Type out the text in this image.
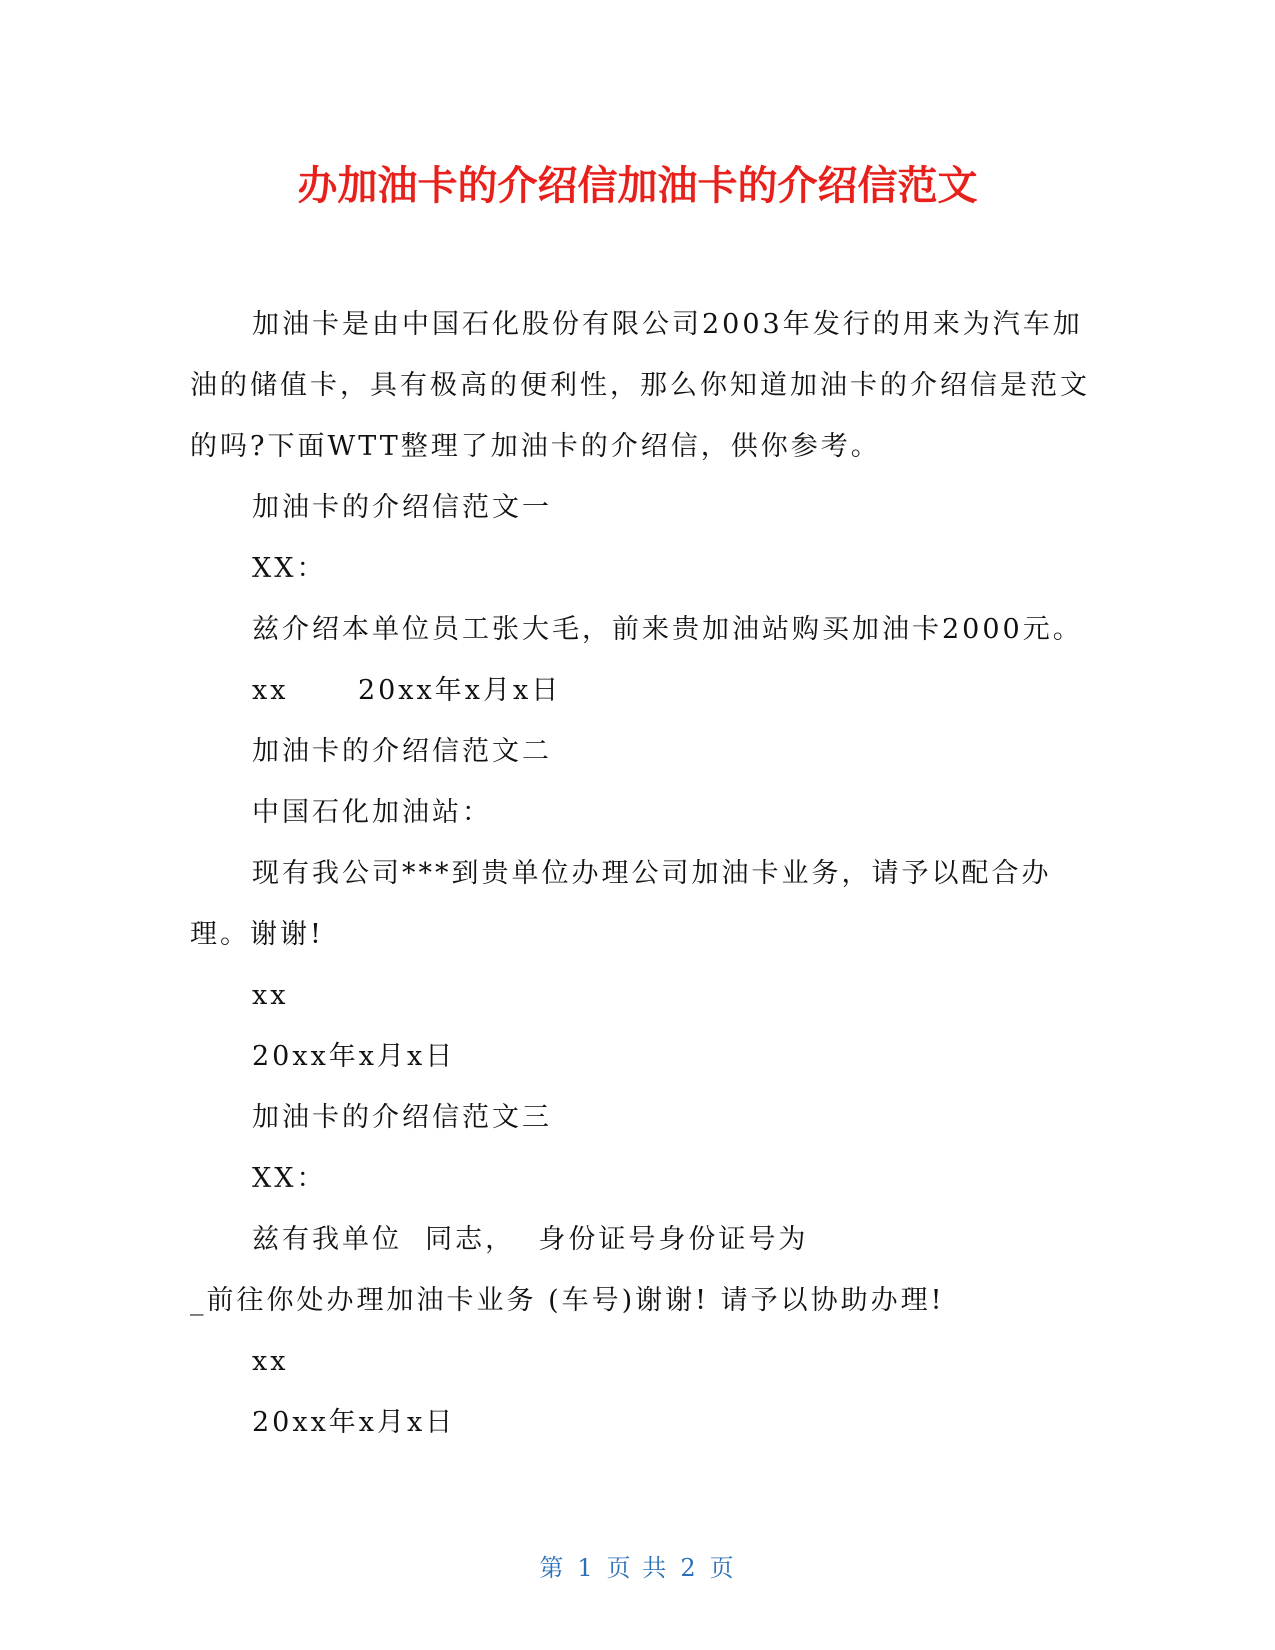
办加油卡的介绍信加油卡的介绍信范文

加油卡是由中国石化股份有限公司2003年发行的用来为汽车加油的储值卡，具有极高的便利性，那么你知道加油卡的介绍信是范文的吗?下面WTT整理了加油卡的介绍信，供你参考。

加油卡的介绍信范文一

XX：

兹介绍本单位员工张大毛，前来贵加油站购买加油卡2000元。

xx      20xx年x月x日

加油卡的介绍信范文二

中国石化加油站：

现有我公司***到贵单位办理公司加油卡业务，请予以配合办理。谢谢!

xx

20xx年x月x日

加油卡的介绍信范文三

XX：

兹有我单位  同志，  身份证号身份证号为

_前往你处办理加油卡业务 (车号)谢谢! 请予以协助办理!

xx

20xx年x月x日

第 1 页 共 2 页
